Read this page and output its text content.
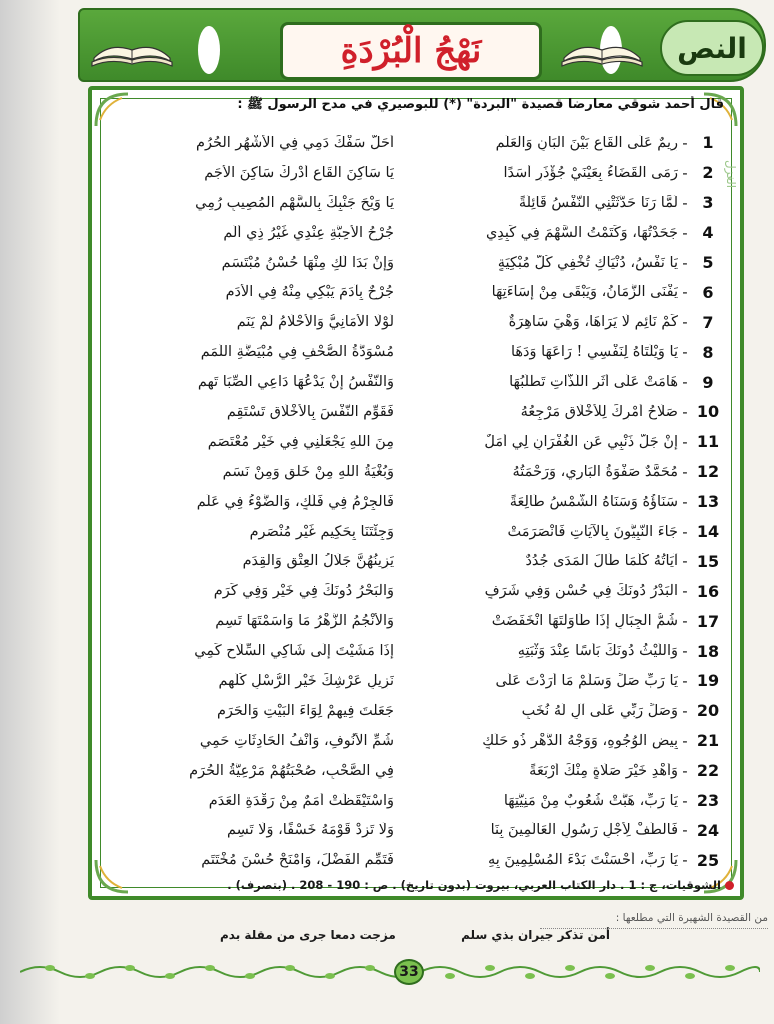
نَهْجُ الْبُرْدَةِ	النص
قال أحمد شوقي معارضا قصيدة "البردة" (*) للبوصيري في مدح الرسول ﷺ :
الغزل
1
-
رِيمٌ عَلَى الْقَاعِ بَيْنَ الْبَانِ وَالْعَلَمِ
أَحَلَّ سَفْكَ دَمِي فِي الْأَشْهُرِ الْحُرُمِ
2
-
رَمَى الْقَضَاءُ بِعَيْنَيْ جُؤْذَرٍ أَسَدًا
يَا سَاكِنَ الْقَاعِ أَدْرِكْ سَاكِنَ الْأَجَمِ
3
-
لَمَّا رَنَا حَدَّثَتْنِي النَّفْسُ قَائِلَةً
يَا وَيْحَ جَنْبِكَ بِالسَّهْمِ الْمُصِيبِ رُمِي
4
-
جَحَدْتُهَا، وَكَتَمْتُ السَّهْمَ فِي كَبِدِي
جُرْحُ الْأَحِبَّةِ عِنْدِي غَيْرُ ذِي أَلَمِ
5
-
يَا نَفْسُ، دُنْيَاكِ تُخْفِي كُلَّ مُبْكِيَةٍ
وَإِنْ بَدَا لَكِ مِنْهَا حُسْنُ مُبْتَسَمِ
6
-
يَفْنَى الزَّمَانُ، وَيَبْقَى مِنْ إِسَاءَتِهَا
جُرْحٌ بِآدَمَ يَبْكِي مِنْهُ فِي الْأَدَمِ
7
-
كَمْ نَائِمٍ لَا يَرَاهَا، وَهْيَ سَاهِرَةٌ
لَوْلَا الْأَمَانِيُّ وَالْأَحْلَامُ لَمْ يَنَمِ
8
-
يَا وَيْلَتَاهُ لِنَفْسِي ! رَاعَهَا وَدَهَا
مُسْوَدَّةُ الصُّحْفِ فِي مُبْيَضَّةِ اللِّمَمِ
9
-
هَامَتْ عَلَى أَثَرِ اللَّذَّاتِ تَطْلُبُهَا
وَالنَّفْسُ إِنْ يَدْعُهَا دَاعِي الصِّبَا تَهِمِ
10
-
صَلَاحُ أَمْرِكَ لِلْأَخْلَاقِ مَرْجِعُهُ
فَقَوِّمِ النَّفْسَ بِالْأَخْلَاقِ تَسْتَقِمِ
11
-
إِنْ جَلَّ ذَنْبِي عَنِ الْغُفْرَانِ لِي أَمَلٌ
مِنَ اللهِ يَجْعَلُنِي فِي خَيْرِ مُعْتَصَمِ
12
-
مُحَمَّدٌ صَفْوَةُ الْبَارِي، وَرَحْمَتُهُ
وَبُغْيَةُ اللهِ مِنْ خَلْقٍ وَمِنْ نَسَمِ
13
-
سَنَاؤُهُ وَسَنَاهُ الشَّمْسُ طَالِعَةً
فَالْجِرْمُ فِي فَلَكٍ، وَالضَّوْءُ فِي عَلَمِ
14
-
جَاءَ النَّبِيُّونَ بِالْآيَاتِ فَانْصَرَمَتْ
وَجِئْتَنَا بِحَكِيمٍ غَيْرِ مُنْصَرِمِ
15
-
آيَاتُهُ كُلَّمَا طَالَ الْمَدَى جُدُدٌ
يَزِينُهُنَّ جَلَالُ الْعِتْقِ وَالْقِدَمِ
16
-
الْبَدْرُ دُونَكَ فِي حُسْنٍ وَفِي شَرَفٍ
وَالْبَحْرُ دُونَكَ فِي خَيْرٍ وَفِي كَرَمِ
17
-
شُمُّ الْجِبَالِ إِذَا طَاوَلْتَهَا انْخَفَضَتْ
وَالْأَنْجُمُ الزُّهْرُ مَا وَاسَمْتَهَا تَسِمِ
18
-
وَاللَّيْثُ دُونَكَ بَأْسًا عِنْدَ وَثْبَتِهِ
إِذَا مَشَيْتَ إِلَى شَاكِي السِّلَاحِ كَمِي
19
-
يَا رَبِّ صَلِّ وَسَلِّمْ مَا أَرَدْتَ عَلَى
نَزِيلِ عَرْشِكَ خَيْرِ الرُّسْلِ كُلِّهِمِ
20
-
وَصَلِّ رَبِّي عَلَى آلٍ لَهُ نُخَبٍ
جَعَلْتَ فِيهِمْ لِوَاءَ الْبَيْتِ وَالْحَرَمِ
21
-
بِيضِ الْوُجُوهِ، وَوَجْهُ الدَّهْرِ ذُو حَلَكٍ
شُمِّ الْأُنُوفِ، وَأَنْفُ الْحَادِثَاتِ حَمِي
22
-
وَأَهْدِ خَيْرَ صَلَاةٍ مِنْكَ أَرْبَعَةً
فِي الصَّحْبِ، صُحْبَتُهُمْ مَرْعِيَّةُ الْحُرَمِ
23
-
يَا رَبِّ، هَبَّتْ شُعُوبٌ مِنْ مَنِيَّتِهَا
وَاسْتَيْقَظَتْ أُمَمٌ مِنْ رَقْدَةِ الْعَدَمِ
24
-
فَالْطُفْ لِأَجْلِ رَسُولِ الْعَالَمِينَ بِنَا
وَلَا تَزِدْ قَوْمَهُ خَسْفًا، وَلَا تَسِمِ
25
-
يَا رَبِّ، أَحْسَنْتَ بَدْءَ الْمُسْلِمِينَ بِهِ
فَتَمِّمِ الْفَضْلَ، وَامْنَحْ حُسْنَ مُخْتَتَمِ
الشوقيات، ج : 1 . دار الكتاب العربي، بيروت (بدون تاريخ) . ص : 190 - 208 . (بتصرف) .
من القصيدة الشهيرة التي مطلعها :
أمن تذكر جيران بذي سلم
مزجت دمعا جرى من مقلة بدم
33
